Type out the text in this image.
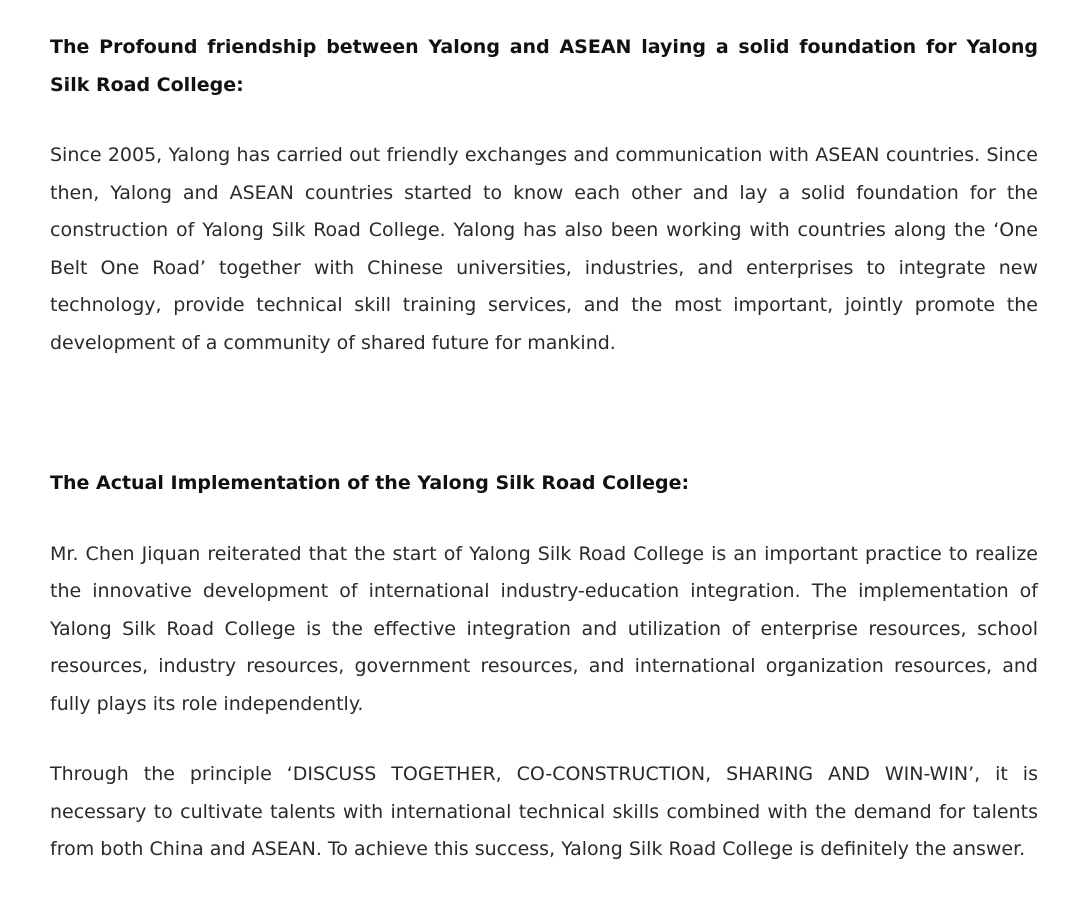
The Profound friendship between Yalong and ASEAN laying a solid foundation for Yalong Silk Road College:

Since 2005, Yalong has carried out friendly exchanges and communication with ASEAN countries. Since then, Yalong and ASEAN countries started to know each other and lay a solid foundation for the construction of Yalong Silk Road College. Yalong has also been working with countries along the ‘One Belt One Road’ together with Chinese universities, industries, and enterprises to integrate new technology, provide technical skill training services, and the most important, jointly promote the development of a community of shared future for mankind.

The Actual Implementation of the Yalong Silk Road College:

Mr. Chen Jiquan reiterated that the start of Yalong Silk Road College is an important practice to realize the innovative development of international industry-education integration. The implementation of Yalong Silk Road College is the effective integration and utilization of enterprise resources, school resources, industry resources, government resources, and international organization resources, and fully plays its role independently.

Through the principle ‘DISCUSS TOGETHER, CO-CONSTRUCTION, SHARING AND WIN-WIN’, it is necessary to cultivate talents with international technical skills combined with the demand for talents from both China and ASEAN. To achieve this success, Yalong Silk Road College is definitely the answer.
